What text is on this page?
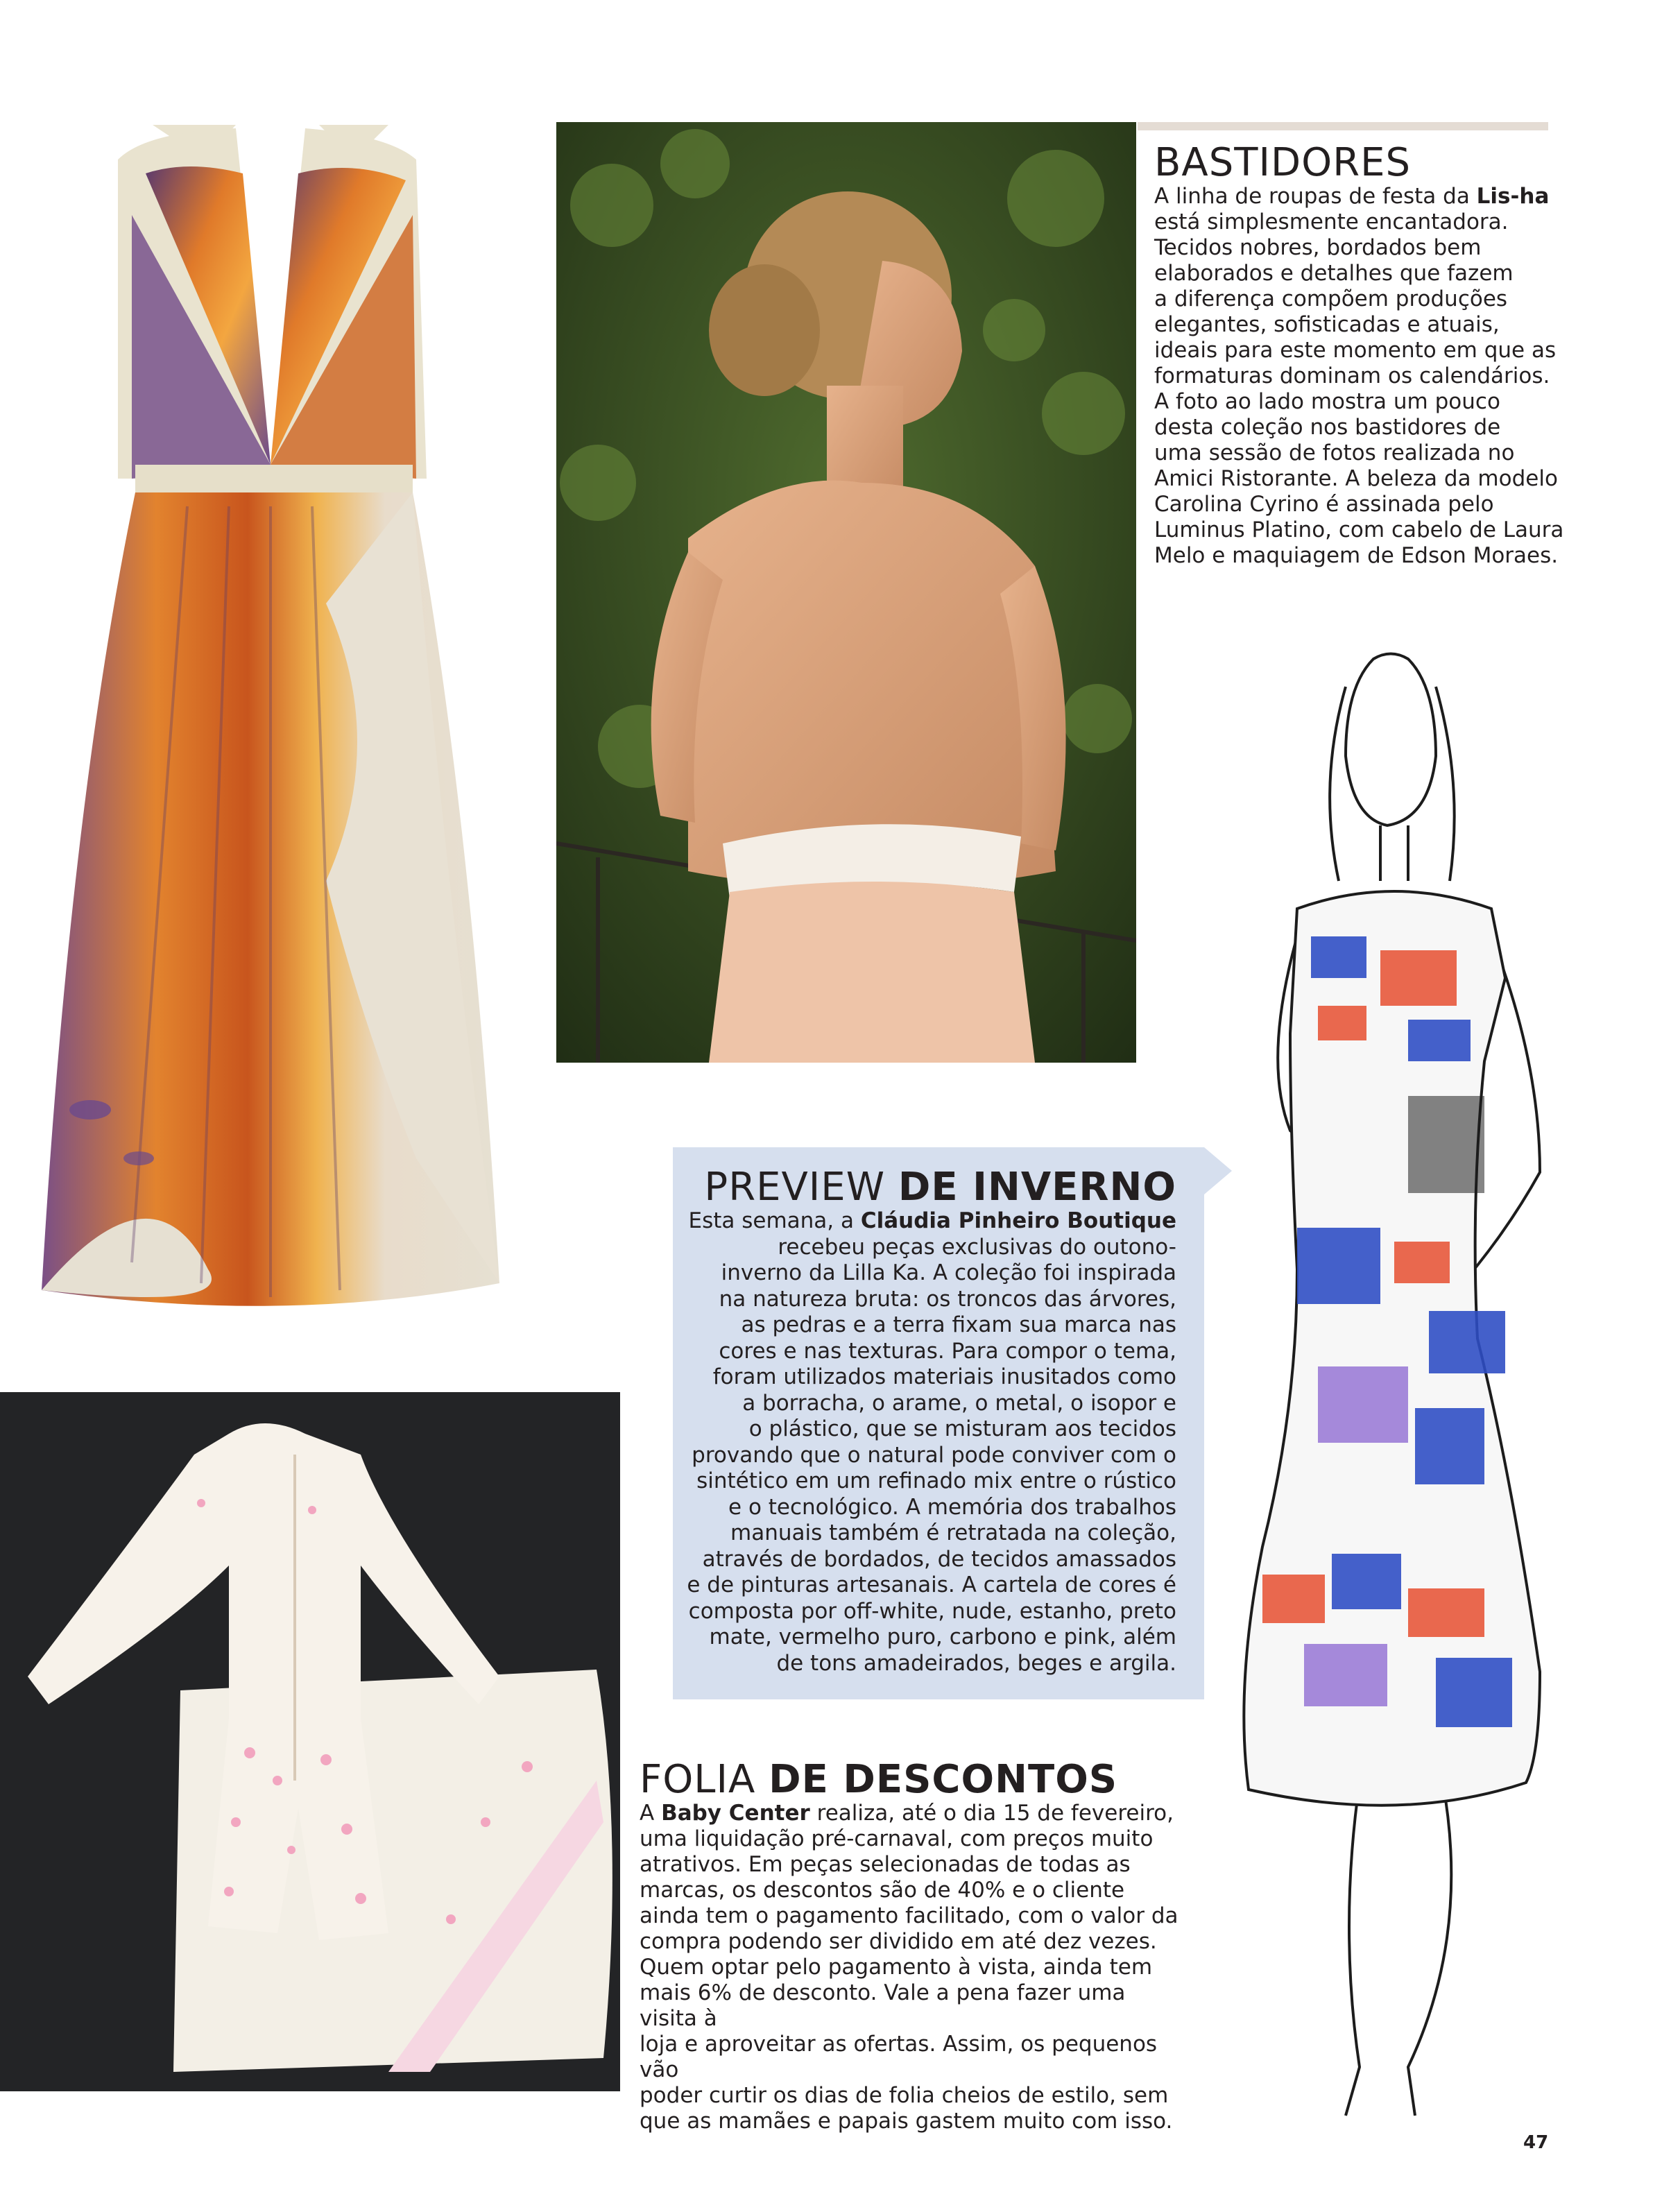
BASTIDORES

A linha de roupas de festa da Lis-ha
está simplesmente encantadora.
Tecidos nobres, bordados bem
elaborados e detalhes que fazem
a diferença compõem produções
elegantes, sofisticadas e atuais,
ideais para este momento em que as
formaturas dominam os calendários.
A foto ao lado mostra um pouco
desta coleção nos bastidores de
uma sessão de fotos realizada no
Amici Ristorante. A beleza da modelo
Carolina Cyrino é assinada pelo
Luminus Platino, com cabelo de Laura
Melo e maquiagem de Edson Moraes.

PREVIEW DE INVERNO

Esta semana, a Cláudia Pinheiro Boutique
recebeu peças exclusivas do outono-
inverno da Lilla Ka. A coleção foi inspirada
na natureza bruta: os troncos das árvores,
as pedras e a terra fixam sua marca nas
cores e nas texturas. Para compor o tema,
foram utilizados materiais inusitados como
a borracha, o arame, o metal, o isopor e
o plástico, que se misturam aos tecidos
provando que o natural pode conviver com o
sintético em um refinado mix entre o rústico
e o tecnológico. A memória dos trabalhos
manuais também é retratada na coleção,
através de bordados, de tecidos amassados
e de pinturas artesanais. A cartela de cores é
composta por off-white, nude, estanho, preto
mate, vermelho puro, carbono e pink, além
de tons amadeirados, beges e argila.

FOLIA DE DESCONTOS

A Baby Center realiza, até o dia 15 de fevereiro,
uma liquidação pré-carnaval, com preços muito
atrativos. Em peças selecionadas de todas as
marcas, os descontos são de 40% e o cliente
ainda tem o pagamento facilitado, com o valor da
compra podendo ser dividido em até dez vezes.
Quem optar pelo pagamento à vista, ainda tem
mais 6% de desconto. Vale a pena fazer uma visita à
loja e aproveitar as ofertas. Assim, os pequenos vão
poder curtir os dias de folia cheios de estilo, sem
que as mamães e papais gastem muito com isso.

47
